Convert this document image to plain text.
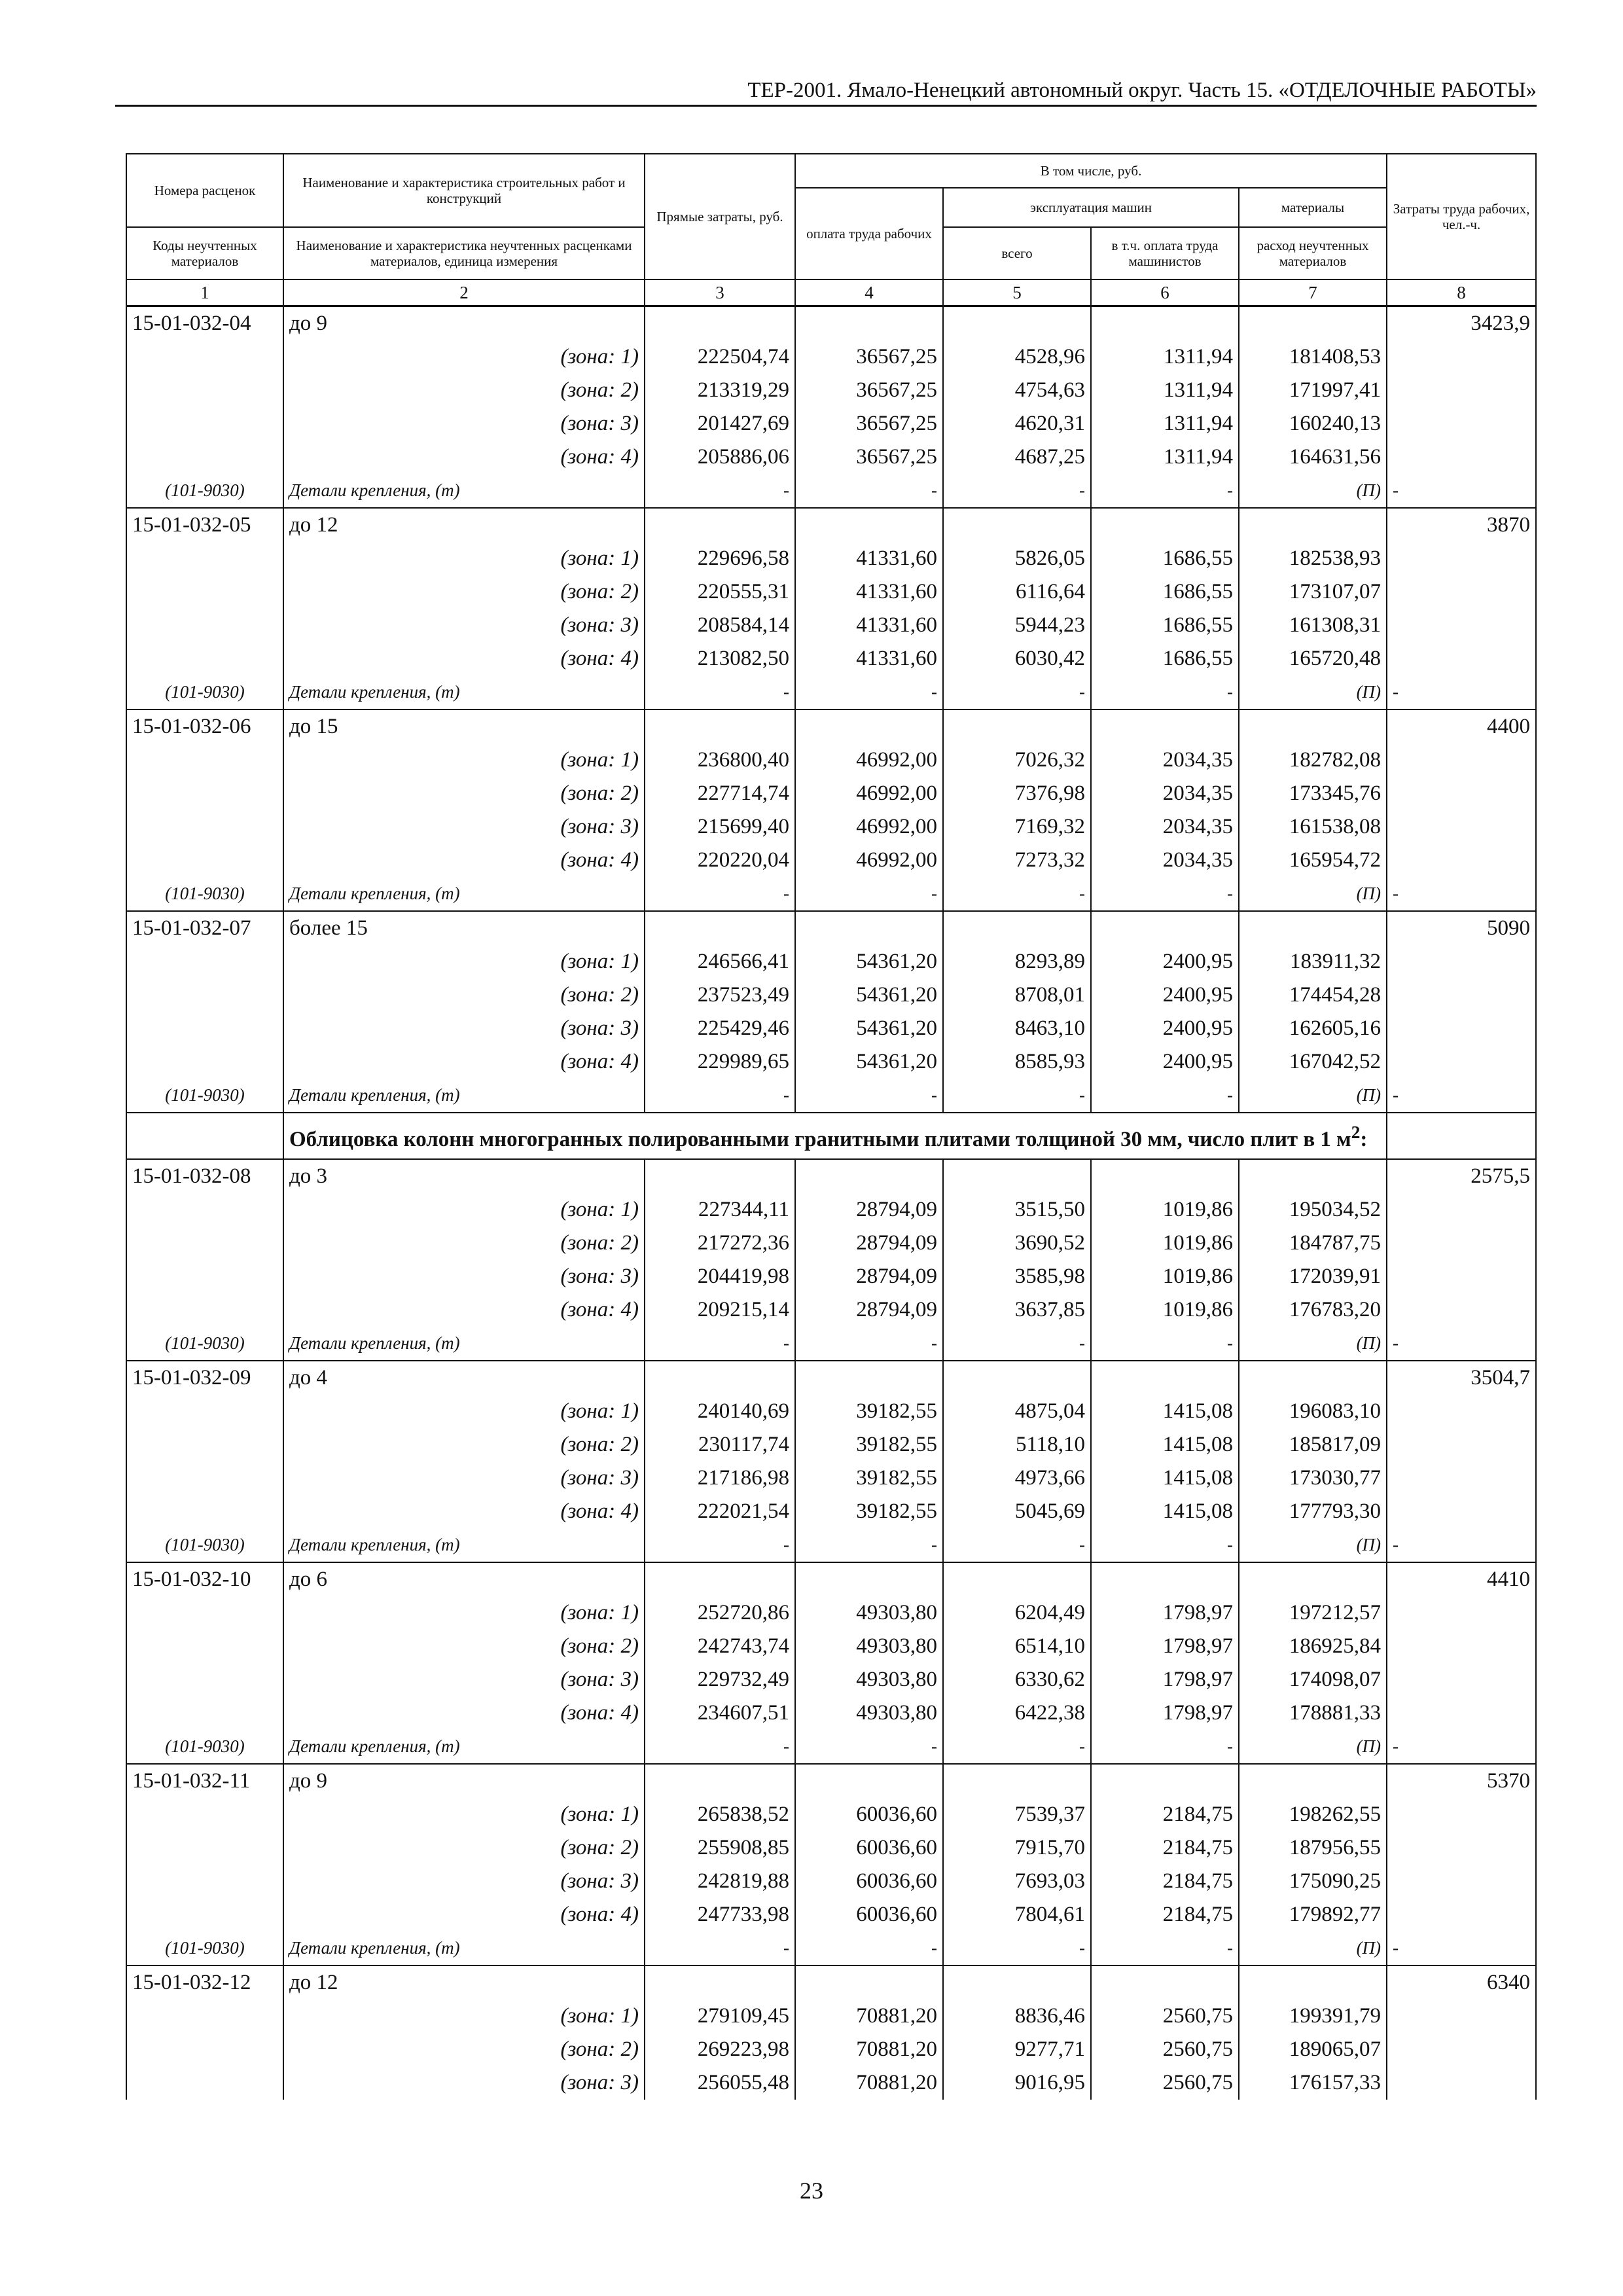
ТЕР-2001. Ямало-Ненецкий автономный округ. Часть 15. «ОТДЕЛОЧНЫЕ РАБОТЫ»
Номера расценок	Наименование и характеристика строительных работ и конструкций	Прямые затраты, руб.	В том числе, руб.				Затраты труда рабочих, чел.-ч.
			оплата труда рабочих	эксплуатация машин		материалы	
Коды неучтенных материалов	Наименование и характеристика неучтенных расценками материалов, единица измерения			всего	в т.ч. оплата труда машинистов	расход неучтенных материалов	
1	2	3	4	5	6	7	8
15-01-032-04	до 9						3423,9
	(зона: 1)	222504,74	36567,25	4528,96	1311,94	181408,53	
	(зона: 2)	213319,29	36567,25	4754,63	1311,94	171997,41	
	(зона: 3)	201427,69	36567,25	4620,31	1311,94	160240,13	
	(зона: 4)	205886,06	36567,25	4687,25	1311,94	164631,56	
(101-9030)	Детали крепления, (т)	-	-	-	-	(П)	-
15-01-032-05	до 12						3870
	(зона: 1)	229696,58	41331,60	5826,05	1686,55	182538,93	
	(зона: 2)	220555,31	41331,60	6116,64	1686,55	173107,07	
	(зона: 3)	208584,14	41331,60	5944,23	1686,55	161308,31	
	(зона: 4)	213082,50	41331,60	6030,42	1686,55	165720,48	
(101-9030)	Детали крепления, (т)	-	-	-	-	(П)	-
15-01-032-06	до 15						4400
	(зона: 1)	236800,40	46992,00	7026,32	2034,35	182782,08	
	(зона: 2)	227714,74	46992,00	7376,98	2034,35	173345,76	
	(зона: 3)	215699,40	46992,00	7169,32	2034,35	161538,08	
	(зона: 4)	220220,04	46992,00	7273,32	2034,35	165954,72	
(101-9030)	Детали крепления, (т)	-	-	-	-	(П)	-
15-01-032-07	более 15						5090
	(зона: 1)	246566,41	54361,20	8293,89	2400,95	183911,32	
	(зона: 2)	237523,49	54361,20	8708,01	2400,95	174454,28	
	(зона: 3)	225429,46	54361,20	8463,10	2400,95	162605,16	
	(зона: 4)	229989,65	54361,20	8585,93	2400,95	167042,52	
(101-9030)	Детали крепления, (т)	-	-	-	-	(П)	-
	Облицовка колонн многогранных полированными гранитными плитами толщиной 30 мм, число плит в 1 $м^2$:						
15-01-032-08	до 3						2575,5
	(зона: 1)	227344,11	28794,09	3515,50	1019,86	195034,52	
	(зона: 2)	217272,36	28794,09	3690,52	1019,86	184787,75	
	(зона: 3)	204419,98	28794,09	3585,98	1019,86	172039,91	
	(зона: 4)	209215,14	28794,09	3637,85	1019,86	176783,20	
(101-9030)	Детали крепления, (т)	-	-	-	-	(П)	-
15-01-032-09	до 4						3504,7
	(зона: 1)	240140,69	39182,55	4875,04	1415,08	196083,10	
	(зона: 2)	230117,74	39182,55	5118,10	1415,08	185817,09	
	(зона: 3)	217186,98	39182,55	4973,66	1415,08	173030,77	
	(зона: 4)	222021,54	39182,55	5045,69	1415,08	177793,30	
(101-9030)	Детали крепления, (т)	-	-	-	-	(П)	-
15-01-032-10	до 6						4410
	(зона: 1)	252720,86	49303,80	6204,49	1798,97	197212,57	
	(зона: 2)	242743,74	49303,80	6514,10	1798,97	186925,84	
	(зона: 3)	229732,49	49303,80	6330,62	1798,97	174098,07	
	(зона: 4)	234607,51	49303,80	6422,38	1798,97	178881,33	
(101-9030)	Детали крепления, (т)	-	-	-	-	(П)	-
15-01-032-11	до 9						5370
	(зона: 1)	265838,52	60036,60	7539,37	2184,75	198262,55	
	(зона: 2)	255908,85	60036,60	7915,70	2184,75	187956,55	
	(зона: 3)	242819,88	60036,60	7693,03	2184,75	175090,25	
	(зона: 4)	247733,98	60036,60	7804,61	2184,75	179892,77	
(101-9030)	Детали крепления, (т)	-	-	-	-	(П)	-
15-01-032-12	до 12						6340
	(зона: 1)	279109,45	70881,20	8836,46	2560,75	199391,79	
	(зона: 2)	269223,98	70881,20	9277,71	2560,75	189065,07	
	(зона: 3)	256055,48	70881,20	9016,95	2560,75	176157,33	
23
